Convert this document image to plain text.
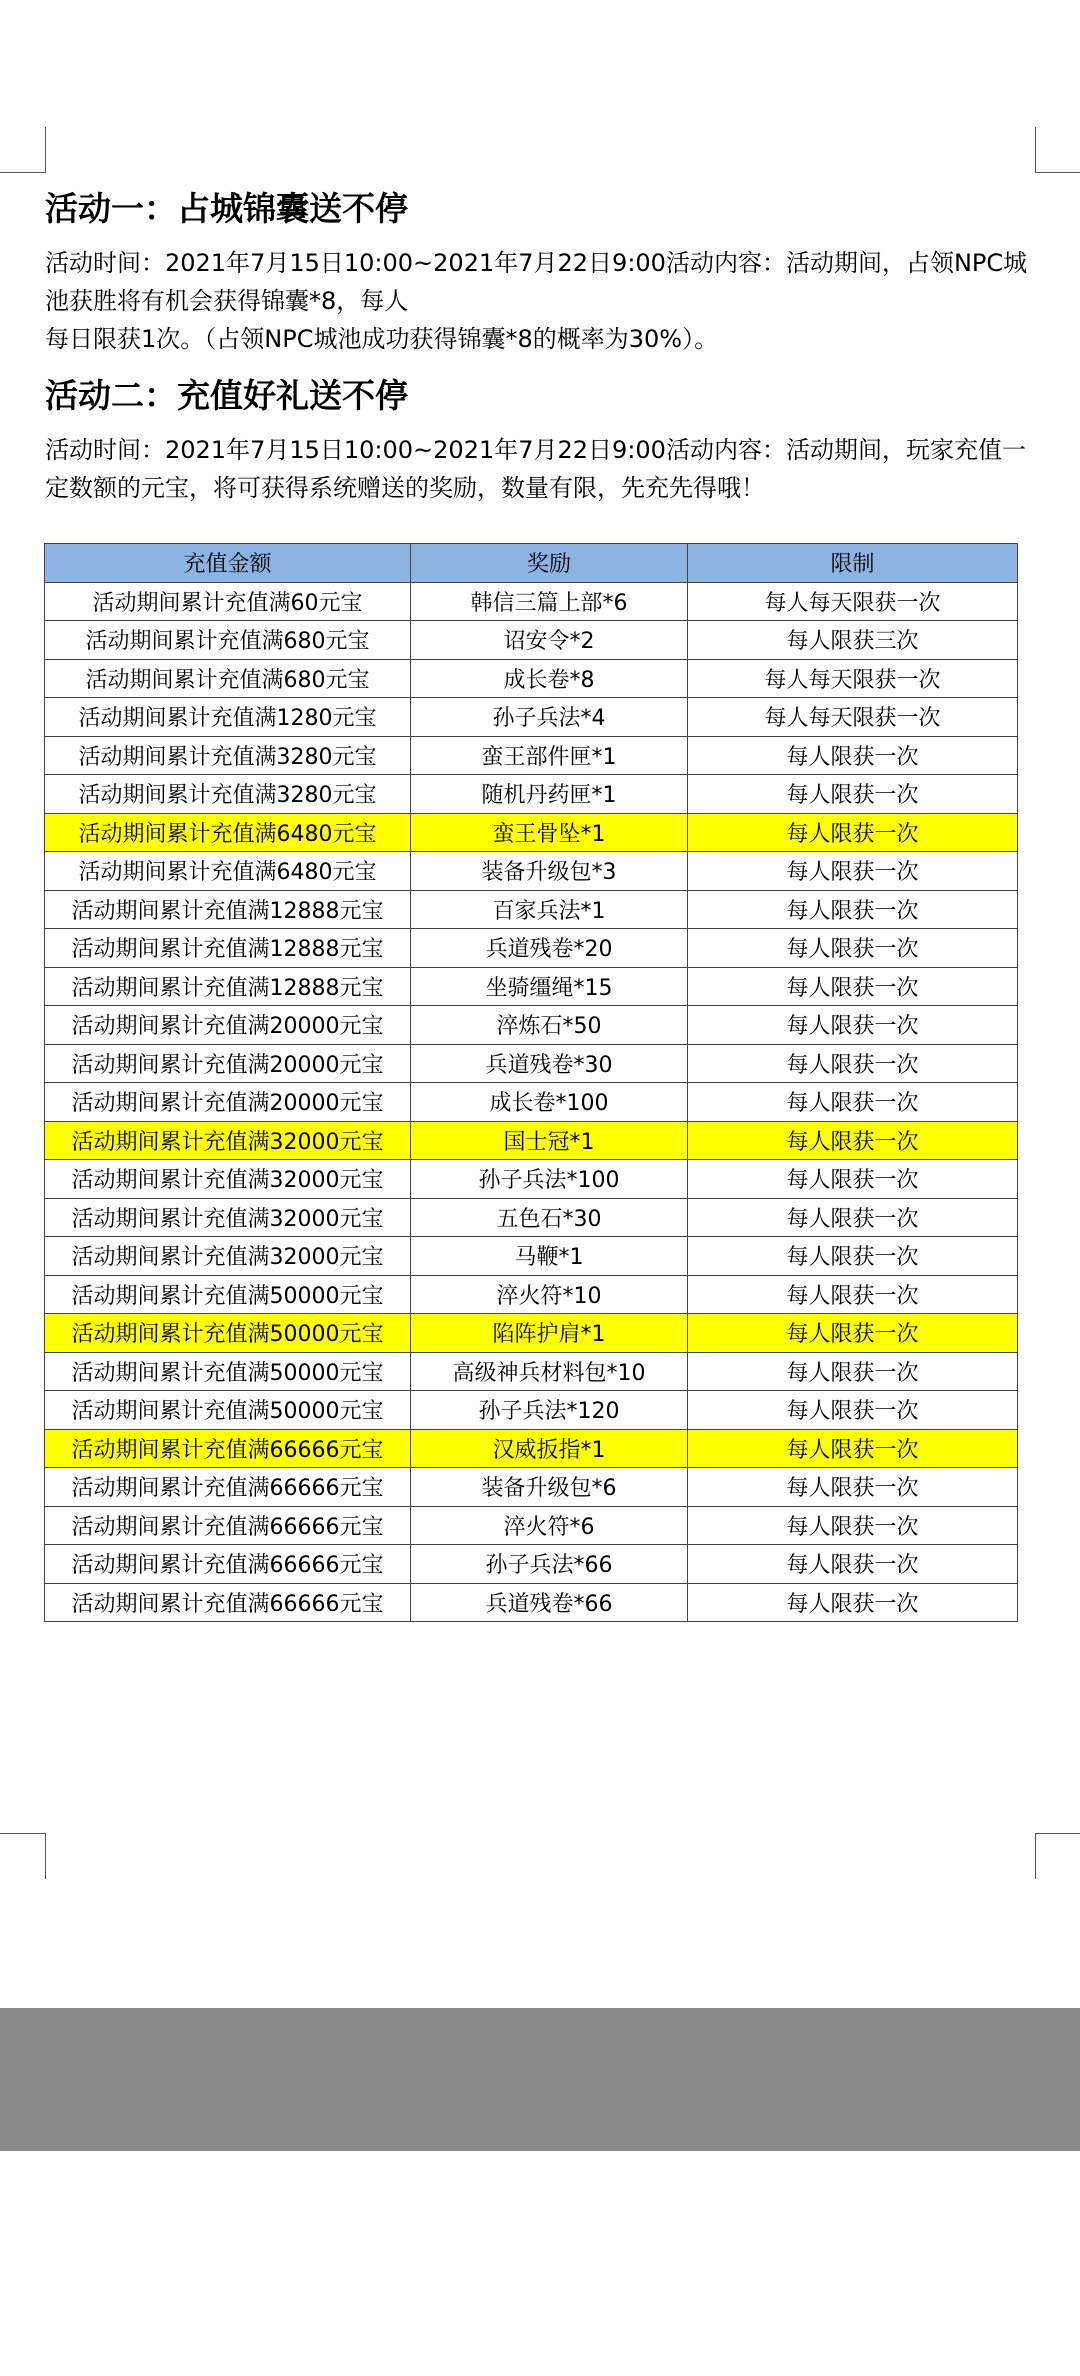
活动一：占城锦囊送不停

活动时间：2021年7月15日10:00~2021年7月22日9:00活动内容：活动期间，占领NPC城池获胜将有机会获得锦囊*8，每人
每日限获1次。（占领NPC城池成功获得锦囊*8的概率为30%）。

活动二：充值好礼送不停

活动时间：2021年7月15日10:00~2021年7月22日9:00活动内容：活动期间，玩家充值一定数额的元宝，将可获得系统赠送的奖励，数量有限，先充先得哦！

充值金额	奖励	限制
活动期间累计充值满60元宝	韩信三篇上部*6	每人每天限获一次
活动期间累计充值满680元宝	诏安令*2	每人限获三次
活动期间累计充值满680元宝	成长卷*8	每人每天限获一次
活动期间累计充值满1280元宝	孙子兵法*4	每人每天限获一次
活动期间累计充值满3280元宝	蛮王部件匣*1	每人限获一次
活动期间累计充值满3280元宝	随机丹药匣*1	每人限获一次
活动期间累计充值满6480元宝	蛮王骨坠*1	每人限获一次
活动期间累计充值满6480元宝	装备升级包*3	每人限获一次
活动期间累计充值满12888元宝	百家兵法*1	每人限获一次
活动期间累计充值满12888元宝	兵道残卷*20	每人限获一次
活动期间累计充值满12888元宝	坐骑缰绳*15	每人限获一次
活动期间累计充值满20000元宝	淬炼石*50	每人限获一次
活动期间累计充值满20000元宝	兵道残卷*30	每人限获一次
活动期间累计充值满20000元宝	成长卷*100	每人限获一次
活动期间累计充值满32000元宝	国士冠*1	每人限获一次
活动期间累计充值满32000元宝	孙子兵法*100	每人限获一次
活动期间累计充值满32000元宝	五色石*30	每人限获一次
活动期间累计充值满32000元宝	马鞭*1	每人限获一次
活动期间累计充值满50000元宝	淬火符*10	每人限获一次
活动期间累计充值满50000元宝	陷阵护肩*1	每人限获一次
活动期间累计充值满50000元宝	高级神兵材料包*10	每人限获一次
活动期间累计充值满50000元宝	孙子兵法*120	每人限获一次
活动期间累计充值满66666元宝	汉威扳指*1	每人限获一次
活动期间累计充值满66666元宝	装备升级包*6	每人限获一次
活动期间累计充值满66666元宝	淬火符*6	每人限获一次
活动期间累计充值满66666元宝	孙子兵法*66	每人限获一次
活动期间累计充值满66666元宝	兵道残卷*66	每人限获一次
